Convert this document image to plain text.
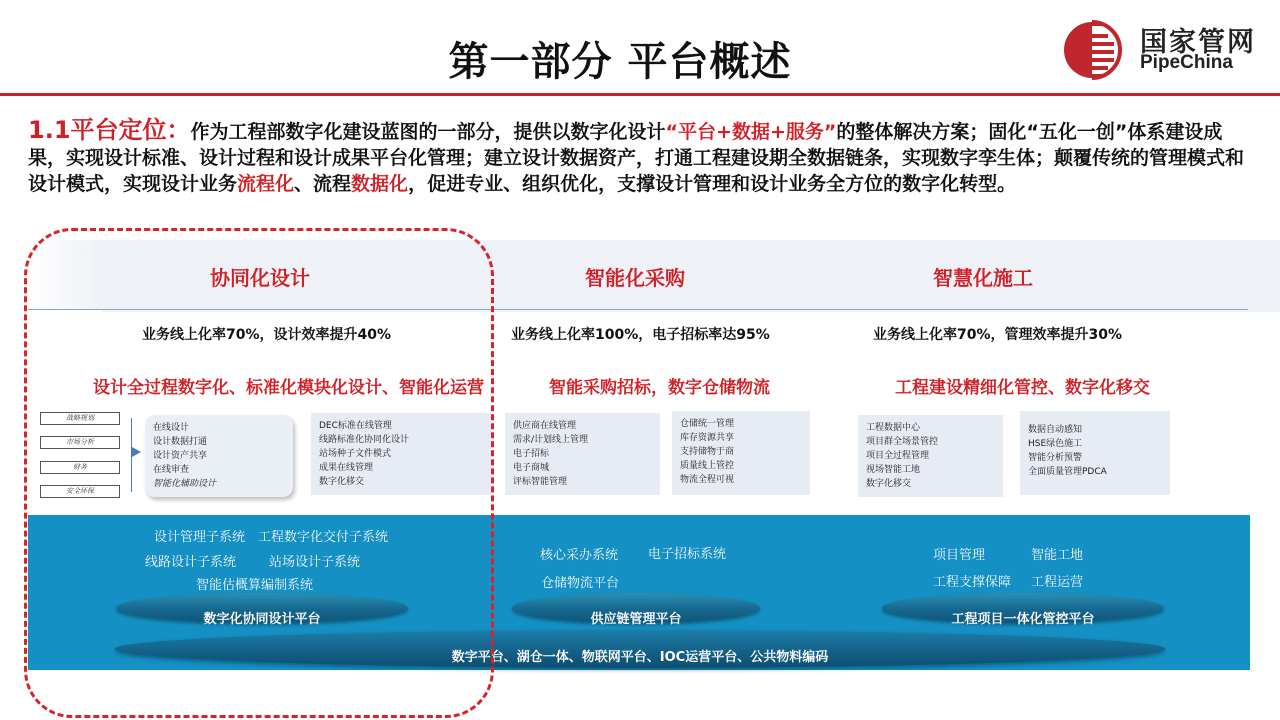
第一部分 平台概述	国家管网
PipeChina
1.1平台定位：作为工程部数字化建设蓝图的一部分，提供以数字化设计“平台+数据+服务”的整体解决方案；固化“五化一创”体系建设成果，实现设计标准、设计过程和设计成果平台化管理；建立设计数据资产，打通工程建设期全数据链条，实现数字孪生体；颠覆传统的管理模式和设计模式，实现设计业务流程化、流程数据化，促进专业、组织优化，支撑设计管理和设计业务全方位的数字化转型。
协同化设计	智能化采购	智慧化施工
业务线上化率70%，设计效率提升40%	业务线上化率100%，电子招标率达95%	业务线上化率70%，管理效率提升30%
设计全过程数字化、标准化模块化设计、智能化运营	智能采购招标，数字仓储物流	工程建设精细化管控、数字化移交
战略规划
市场分析
财务
安全环保
在线设计
设计数据打通
设计资产共享
在线审查
智能化辅助设计
DEC标准在线管理
线路标准化协同化设计
站场种子文件模式
成果在线管理
数字化移交
供应商在线管理
需求/计划线上管理
电子招标
电子商城
评标智能管理
仓储统一管理
库存资源共享
支持储物于商
质量线上管控
物流全程可视
工程数据中心
项目群全场景管控
项目全过程管理
视场智能工地
数字化移交
数据自动感知
HSE绿色施工
智能分析预警
全面质量管理PDCA
设计管理子系统 工程数字化交付子系统
线路设计子系统	站场设计子系统
智能估概算编制系统
核心采办系统 电子招标系统
仓储物流平台
项目管理	智能工地
工程支撑保障 工程运营
数字化协同设计平台	供应链管理平台	工程项目一体化管控平台
数字平台、湖仓一体、物联网平台、IOC运营平台、公共物料编码
